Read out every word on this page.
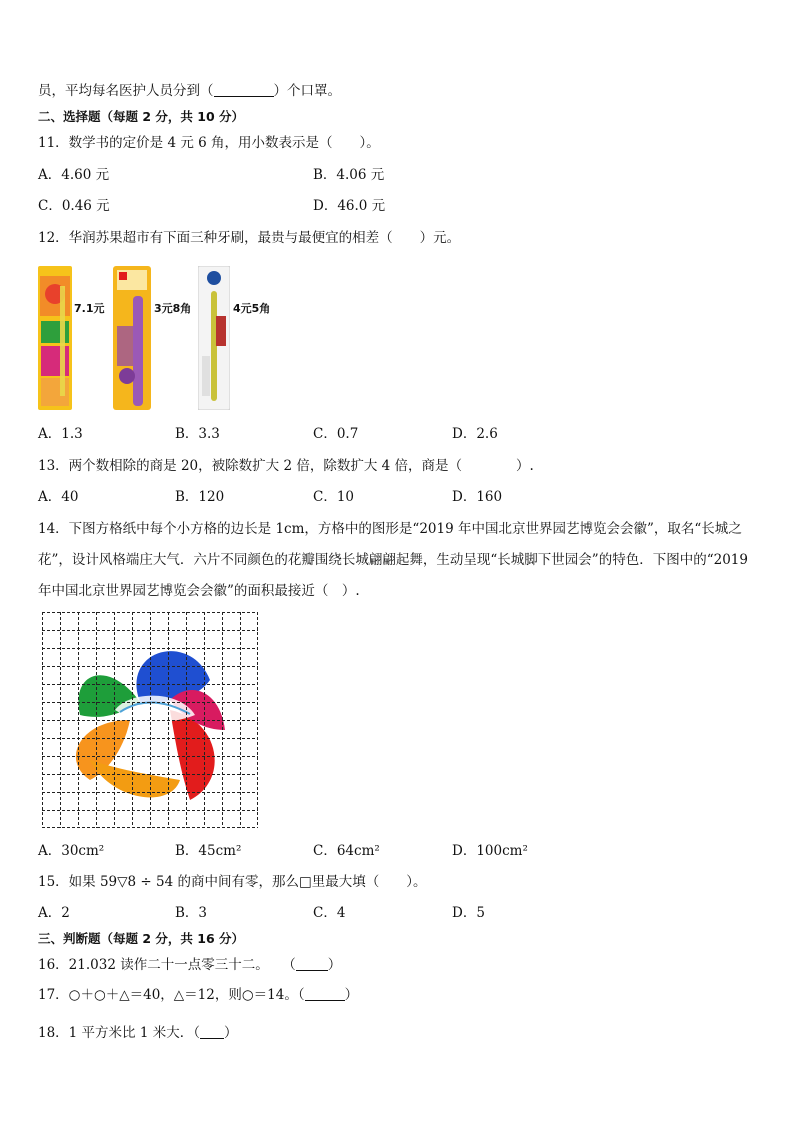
员，平均每名医护人员分到（	）个口罩。
二、选择题（每题 2 分，共 10 分）
11．数学书的定价是 4 元 6 角，用小数表示是（　　）。
A．4.60 元	B．4.06 元
C．0.46 元	D．46.0 元
12．华润苏果超市有下面三种牙刷，最贵与最便宜的相差（　　）元。
7.1元	3元8角	4元5角
A．1.3	B．3.3	C．0.7	D．2.6
13．两个数相除的商是 20，被除数扩大 2 倍，除数扩大 4 倍，商是（　　　　）.
A．40	B．120	C．10	D．160
14．下图方格纸中每个小方格的边长是 1cm，方格中的图形是“2019 年中国北京世界园艺博览会会徽”，取名“长城之
花”，设计风格端庄大气．六片不同颜色的花瓣围绕长城翩翩起舞，生动呈现“长城脚下世园会”的特色．下图中的“2019
年中国北京世界园艺博览会会徽”的面积最接近（　）.
A．30cm²	B．45cm²	C．64cm²	D．100cm²
15．如果 59▽8 ÷ 54 的商中间有零，那么□里最大填（　　）。
A．2	B．3	C．4	D．5
三、判断题（每题 2 分，共 16 分）
16．21.032 读作二十一点零三十二。　　（ ）
17．○＋○＋△＝40，△＝12，则○＝14。（	）
18．1 平方米比 1 米大．（ ）
